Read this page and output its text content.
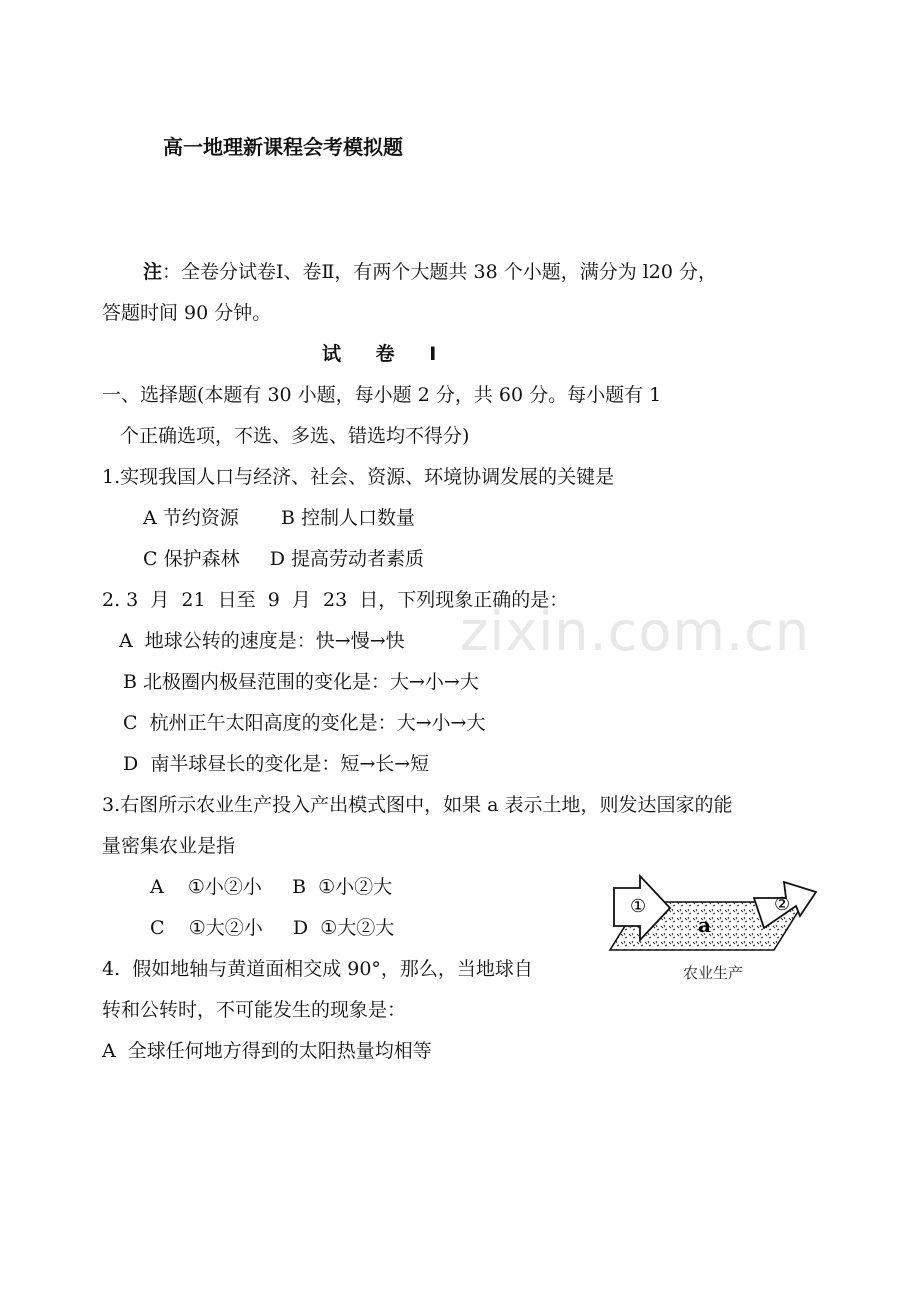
zixin.com.cn
高一地理新课程会考模拟题
注：全卷分试卷Ⅰ、卷Ⅱ，有两个大题共 38 个小题，满分为 l20 分，
答题时间 90 分钟。
试 卷 Ⅰ
一、选择题(本题有 30 小题，每小题 2 分，共 60 分。每小题有 1
个正确选项，不选、多选、错选均不得分)
1.实现我国人口与经济、社会、资源、环境协调发展的关键是
A 节约资源       B 控制人口数量
C 保护森林     D 提高劳动者素质
2. 3  月  21  日至  9  月  23  日，下列现象正确的是：
A  地球公转的速度是：快→慢→快
B 北极圈内极昼范围的变化是：大→小→大
C  杭州正午太阳高度的变化是：大→小→大
D  南半球昼长的变化是：短→长→短
3.右图所示农业生产投入产出模式图中，如果 a 表示土地，则发达国家的能
量密集农业是指
A    ①小②小     B  ①小②大
C    ①大②小     D  ①大②大
①
a
②
农业生产
4.  假如地轴与黄道面相交成 90°，那么，当地球自
转和公转时，不可能发生的现象是：
A  全球任何地方得到的太阳热量均相等
